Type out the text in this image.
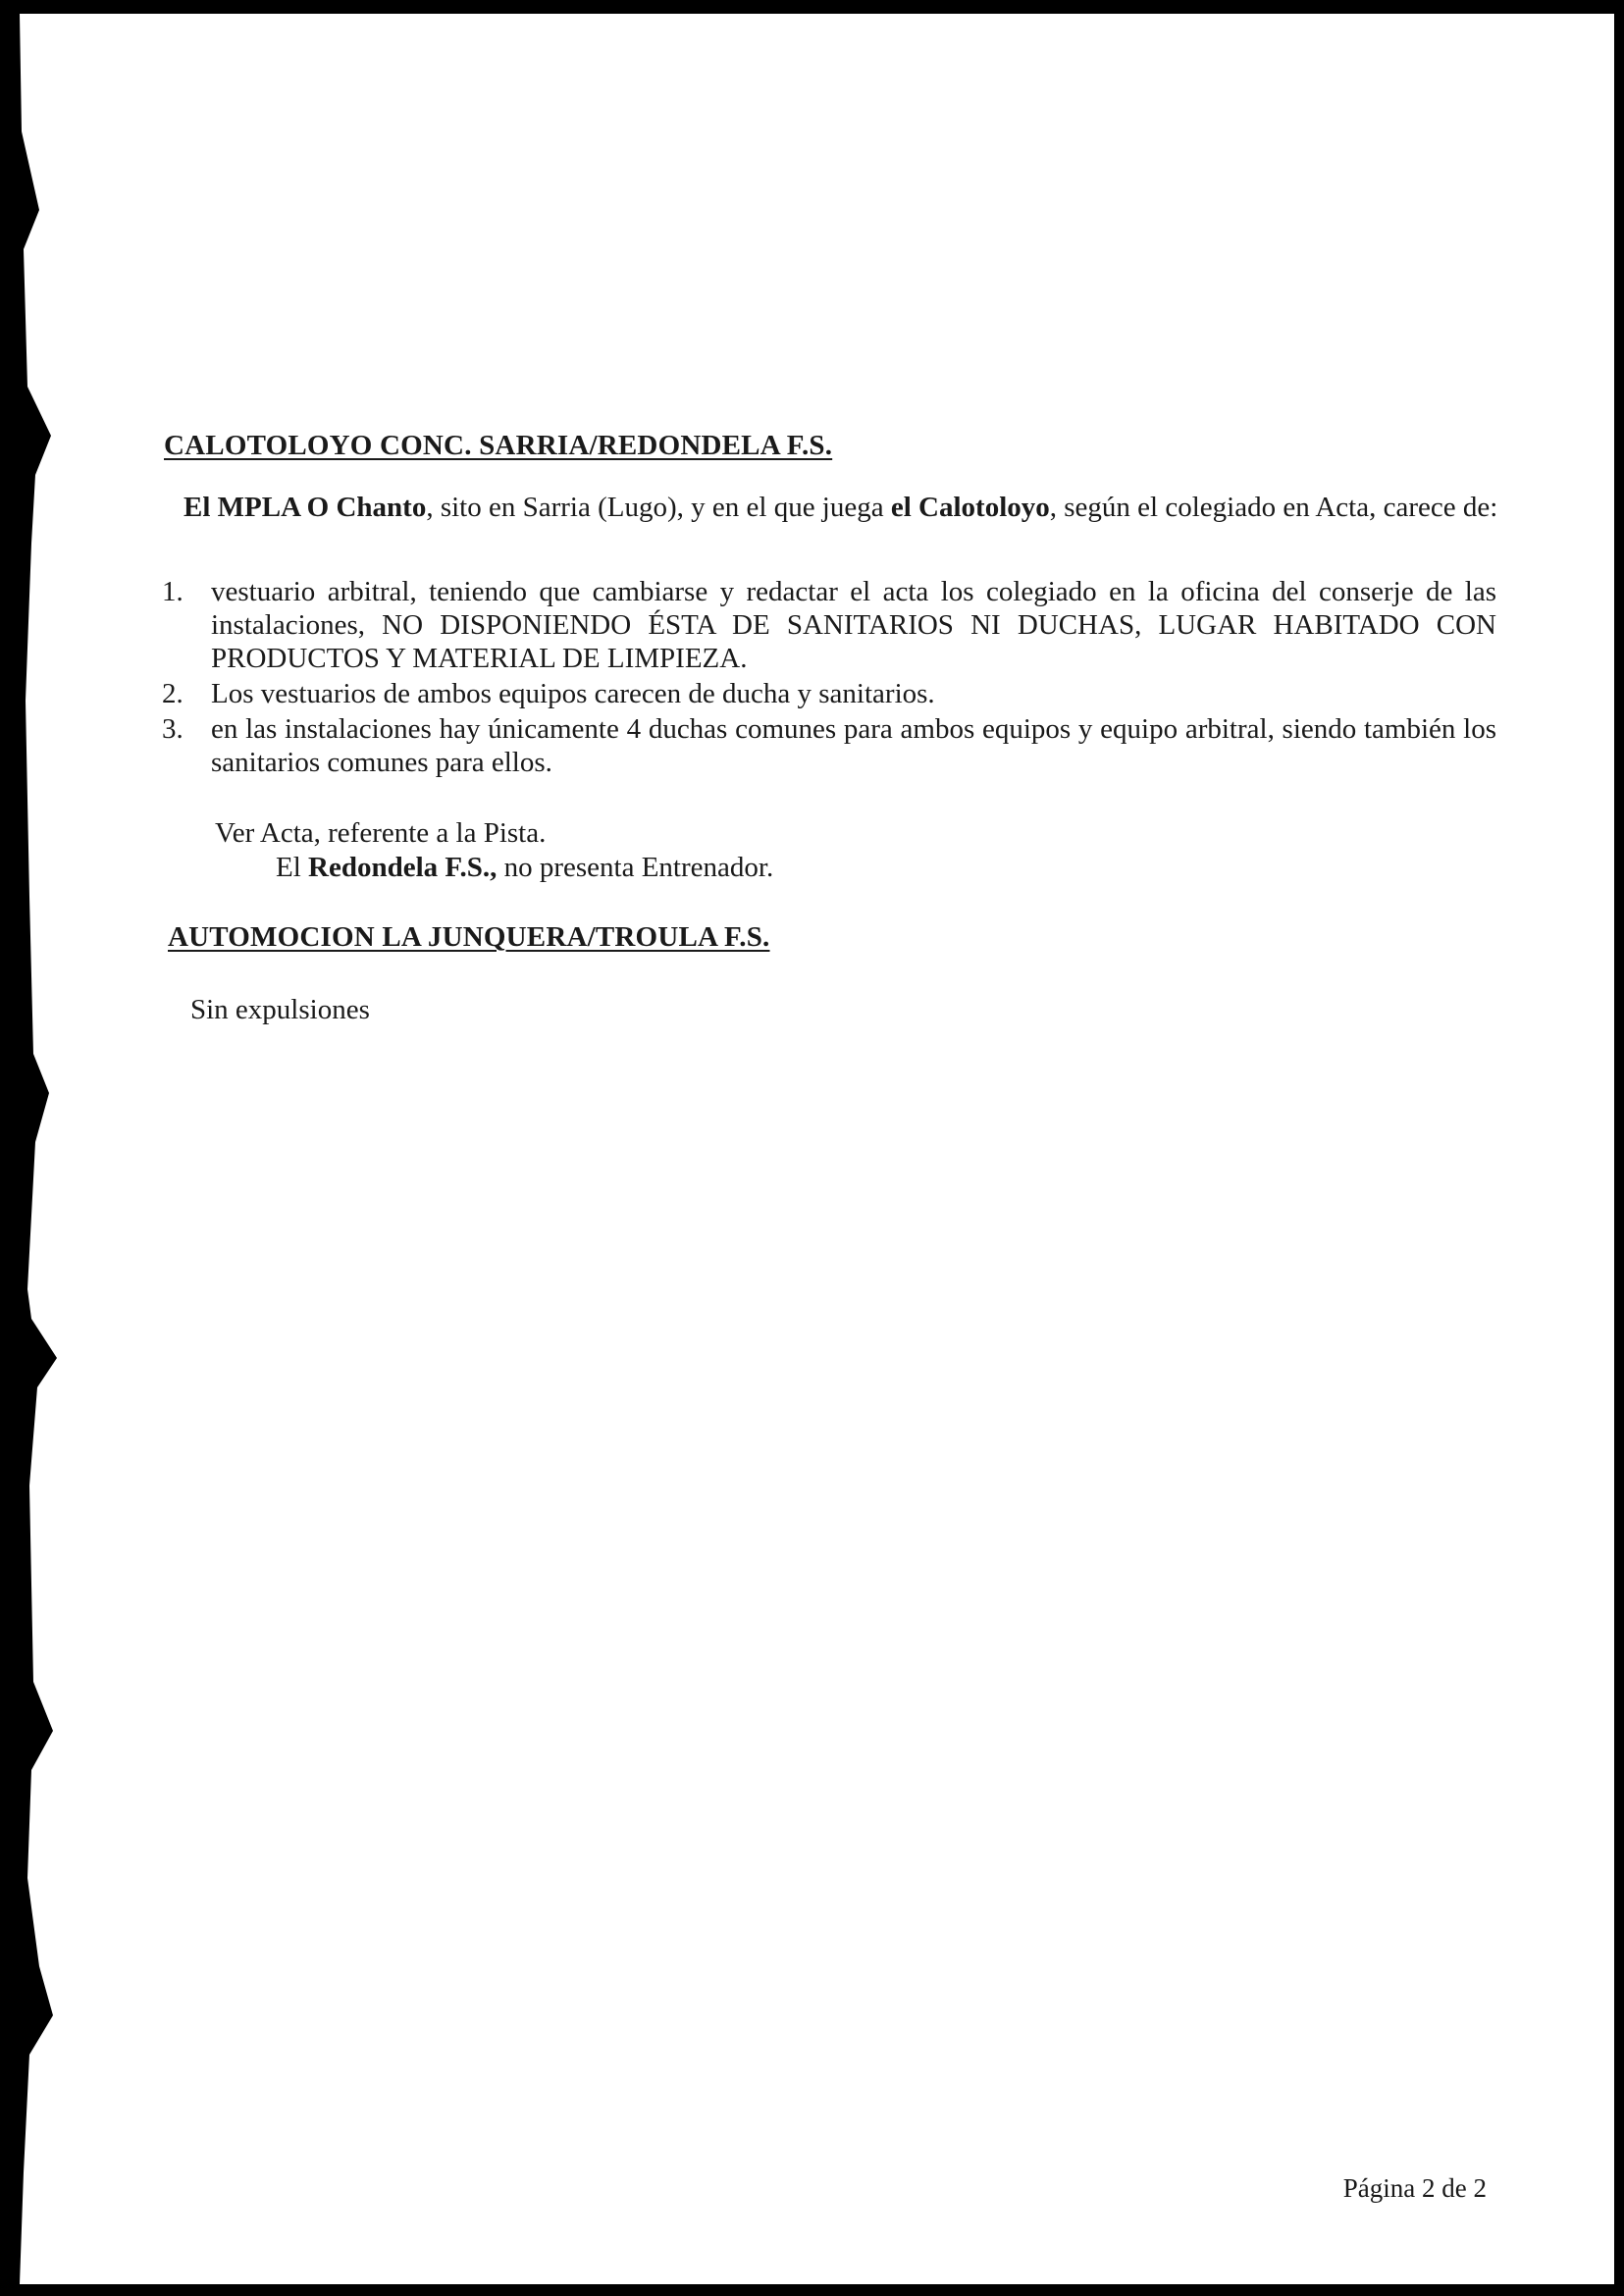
CALOTOLOYO CONC. SARRIA/REDONDELA F.S.

El MPLA O Chanto, sito en Sarria (Lugo), y en el que juega el Calotoloyo, según el colegiado en Acta, carece de:

1. vestuario arbitral, teniendo que cambiarse y redactar el acta los colegiado en la oficina del conserje de las instalaciones, NO DISPONIENDO ÉSTA DE SANITARIOS NI DUCHAS, LUGAR HABITADO CON PRODUCTOS Y MATERIAL DE LIMPIEZA.
2. Los vestuarios de ambos equipos carecen de ducha y sanitarios.
3. en las instalaciones hay únicamente 4 duchas comunes para ambos equipos y equipo arbitral, siendo también los sanitarios comunes para ellos.

Ver Acta, referente a la Pista.

El Redondela F.S., no presenta Entrenador.

AUTOMOCION LA JUNQUERA/TROULA F.S.

Sin expulsiones

Página 2 de 2
